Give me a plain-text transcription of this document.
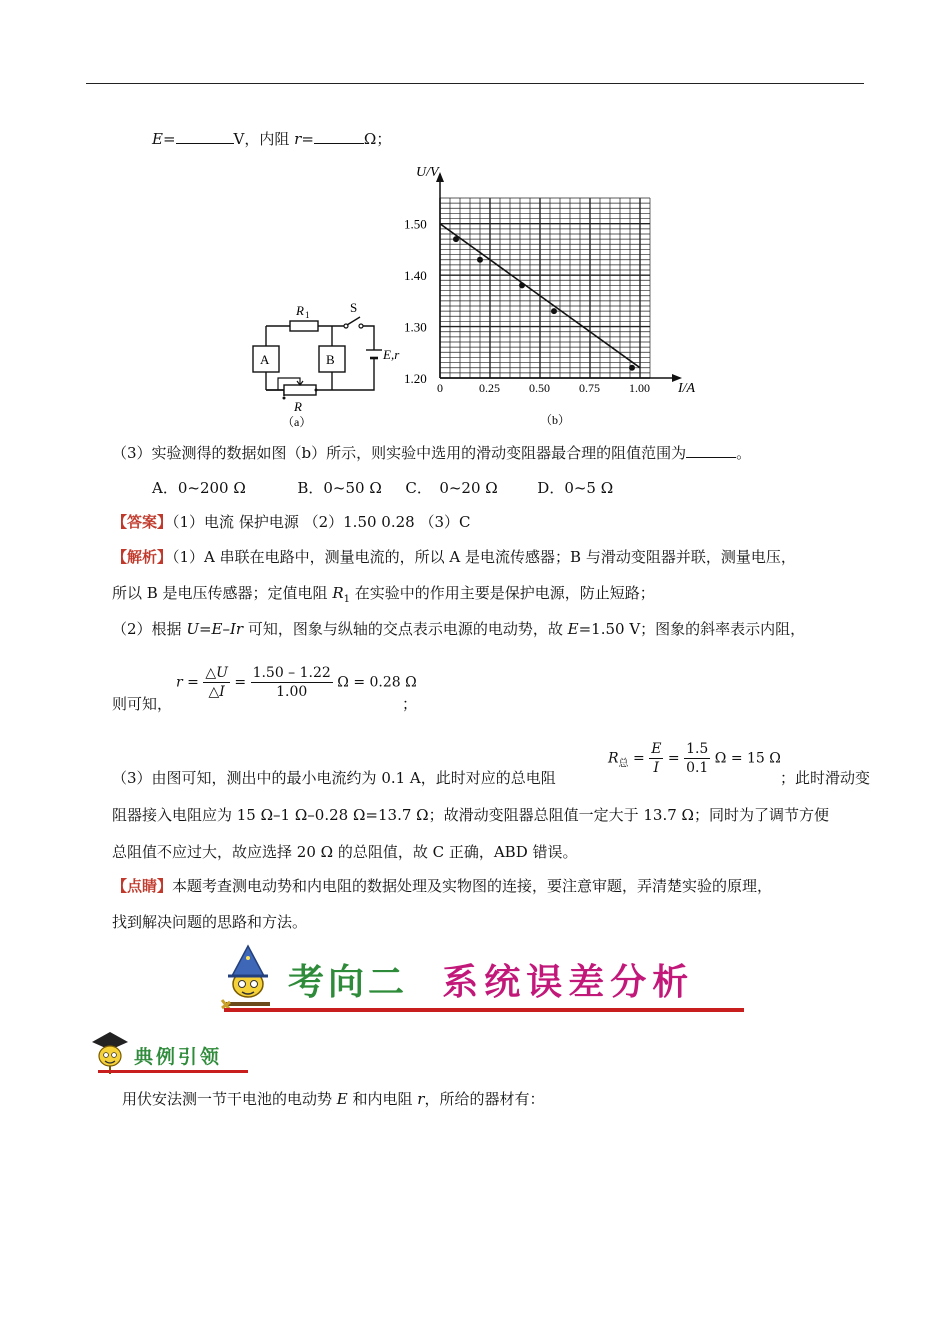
E=	V，内阻 r=	Ω；
R 1	S
A	B	E,r
R
（a）
1.20
1.30
1.40
1.50
0	0.25 0.50 0.75 1.00
U/V
I/A
（b）
（3）实验测得的数据如图（b）所示，则实验中选用的滑动变阻器最合理的阻值范围为	。
A．0~200 Ω	B．0~50 Ω C．　0~20 Ω	D．0~5 Ω
【答案】（1）电流 保护电源 （2）1.50 0.28 （3）C
【解析】（1）A 串联在电路中，测量电流的，所以 A 是电流传感器；B 与滑动变阻器并联，测量电压，
所以 B 是电压传感器；定值电阻 $R_1$ 在实验中的作用主要是保护电源，防止短路；
（2）根据 U=E–Ir 可知，图象与纵轴的交点表示电源的电动势，故 E=1.50 V；图象的斜率表示内阻，
则可知，
$r = \frac{\triangle U}{\triangle I} = \frac{1.50 - 1.22}{1.00}$ Ω = 0.28 Ω
；
（3）由图可知，测出中的最小电流约为 0.1 A，此时对应的总电阻
$R_总 = \frac{E}{I} = \frac{1.5}{0.1}$ Ω = 15 Ω
；此时滑动变
阻器接入电阻应为 15 Ω–1 Ω–0.28 Ω=13.7 Ω；故滑动变阻器总阻值一定大于 13.7 Ω；同时为了调节方便
总阻值不应过大，故应选择 20 Ω 的总阻值，故 C 正确，ABD 错误。
【点睛】本题考查测电动势和内电阻的数据处理及实物图的连接，要注意审题，弄清楚实验的原理，
找到解决问题的思路和方法。
考向二 系统误差分析
典例引领
用伏安法测一节干电池的电动势 E 和内电阻 r，所给的器材有：
